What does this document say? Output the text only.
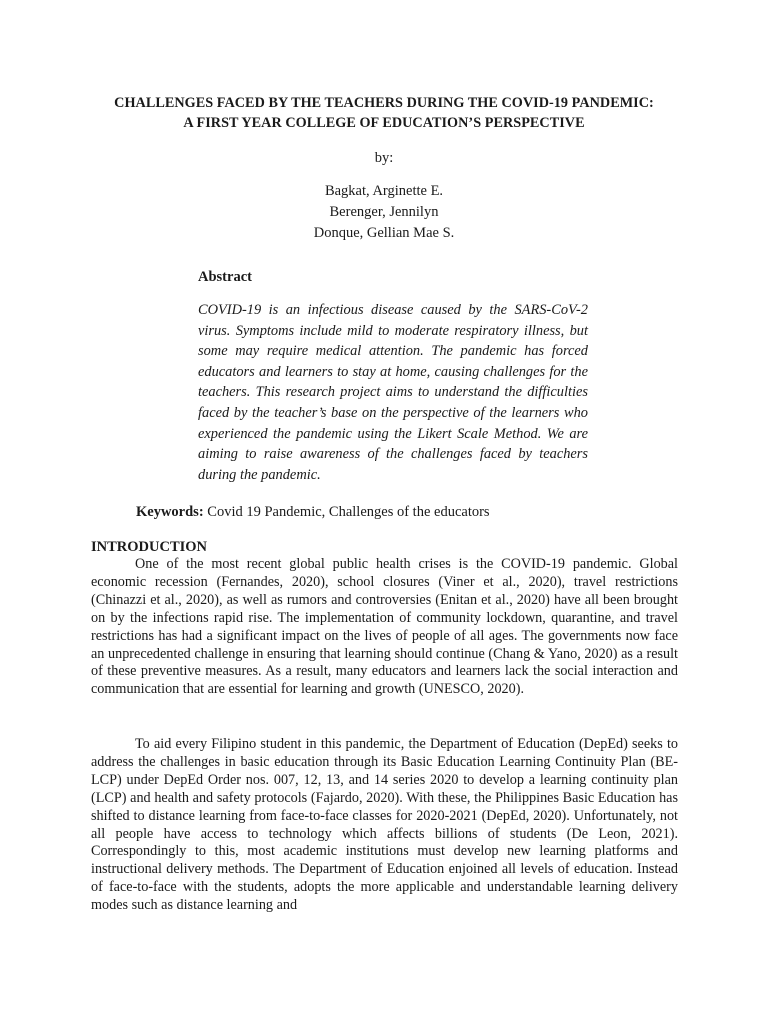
CHALLENGES FACED BY THE TEACHERS DURING THE COVID-19 PANDEMIC:
A FIRST YEAR COLLEGE OF EDUCATION’S PERSPECTIVE
by:
Bagkat, Arginette E.
Berenger, Jennilyn
Donque, Gellian Mae S.
Abstract
COVID-19 is an infectious disease caused by the SARS-CoV-2 virus. Symptoms include mild to moderate respiratory illness, but some may require medical attention. The pandemic has forced educators and learners to stay at home, causing challenges for the teachers. This research project aims to understand the difficulties faced by the teacher’s base on the perspective of the learners who experienced the pandemic using the Likert Scale Method. We are aiming to raise awareness of the challenges faced by teachers during the pandemic.
Keywords: Covid 19 Pandemic, Challenges of the educators
INTRODUCTION
One of the most recent global public health crises is the COVID-19 pandemic. Global economic recession (Fernandes, 2020), school closures (Viner et al., 2020), travel restrictions (Chinazzi et al., 2020), as well as rumors and controversies (Enitan et al., 2020) have all been brought on by the infections rapid rise. The implementation of community lockdown, quarantine, and travel restrictions has had a significant impact on the lives of people of all ages. The governments now face an unprecedented challenge in ensuring that learning should continue (Chang & Yano, 2020) as a result of these preventive measures. As a result, many educators and learners lack the social interaction and communication that are essential for learning and growth (UNESCO, 2020).
To aid every Filipino student in this pandemic, the Department of Education (DepEd) seeks to address the challenges in basic education through its Basic Education Learning Continuity Plan (BE-LCP) under DepEd Order nos. 007, 12, 13, and 14 series 2020 to develop a learning continuity plan (LCP) and health and safety protocols (Fajardo, 2020). With these, the Philippines Basic Education has shifted to distance learning from face-to-face classes for 2020-2021 (DepEd, 2020). Unfortunately, not all people have access to technology which affects billions of students (De Leon, 2021). Correspondingly to this, most academic institutions must develop new learning platforms and instructional delivery methods. The Department of Education enjoined all levels of education. Instead of face-to-face with the students, adopts the more applicable and understandable learning delivery modes such as distance learning and
